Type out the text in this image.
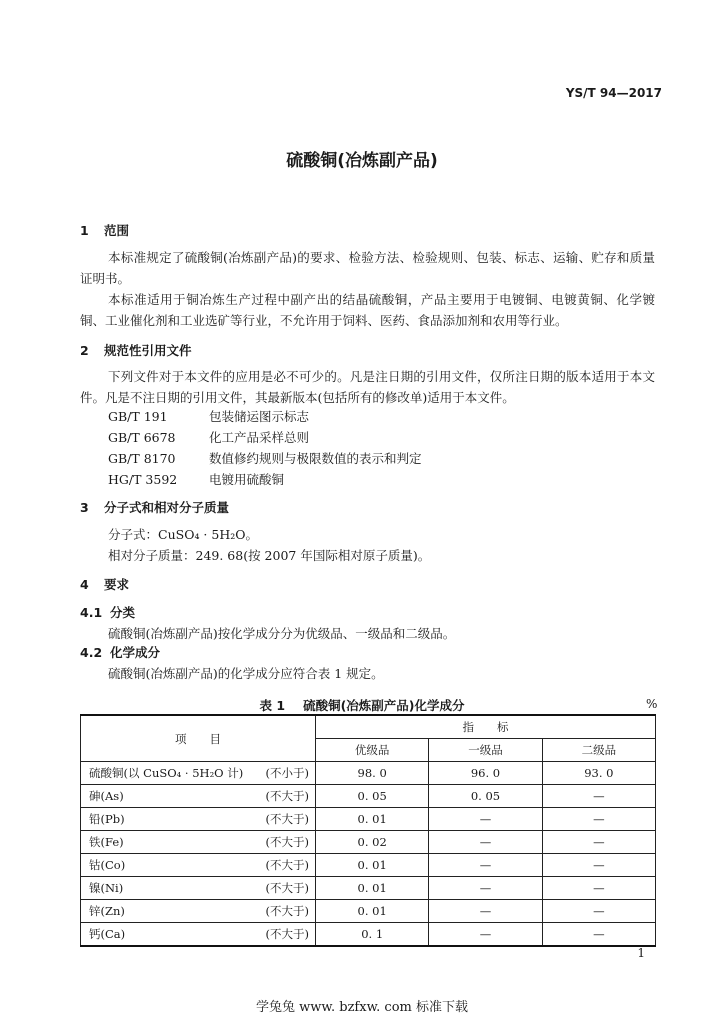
YS/T 94—2017
硫酸铜(冶炼副产品)
1 范围
本标准规定了硫酸铜(冶炼副产品)的要求、检验方法、检验规则、包装、标志、运输、贮存和质量证明书。
本标准适用于铜冶炼生产过程中副产出的结晶硫酸铜，产品主要用于电镀铜、电镀黄铜、化学镀铜、工业催化剂和工业选矿等行业，不允许用于饲料、医药、食品添加剂和农用等行业。
2 规范性引用文件
下列文件对于本文件的应用是必不可少的。凡是注日期的引用文件，仅所注日期的版本适用于本文件。凡是不注日期的引用文件，其最新版本(包括所有的修改单)适用于本文件。
GB/T 191	包装储运图示标志
GB/T 6678	化工产品采样总则
GB/T 8170	数值修约规则与极限数值的表示和判定
HG/T 3592	电镀用硫酸铜
3 分子式和相对分子质量
分子式：CuSO₄ · 5H₂O。
相对分子质量：249. 68(按 2007 年国际相对原子质量)。
4 要求
4.1 分类
硫酸铜(冶炼副产品)按化学成分分为优级品、一级品和二级品。
4.2 化学成分
硫酸铜(冶炼副产品)的化学成分应符合表 1 规定。
表 1 硫酸铜(冶炼副产品)化学成分	%
项　　目	指　　标		
	优级品	一级品	二级品
硫酸铜(以 CuSO₄ · 5H₂O 计) (不小于)	98. 0	96. 0	93. 0
砷(As) (不大于)	0. 05	0. 05	—
铅(Pb) (不大于)	0. 01	—	—
铁(Fe) (不大于)	0. 02	—	—
钴(Co) (不大于)	0. 01	—	—
镍(Ni) (不大于)	0. 01	—	—
锌(Zn) (不大于)	0. 01	—	—
钙(Ca) (不大于)	0. 1	—	—
1
学兔兔 www. bzfxw. com 标准下载
